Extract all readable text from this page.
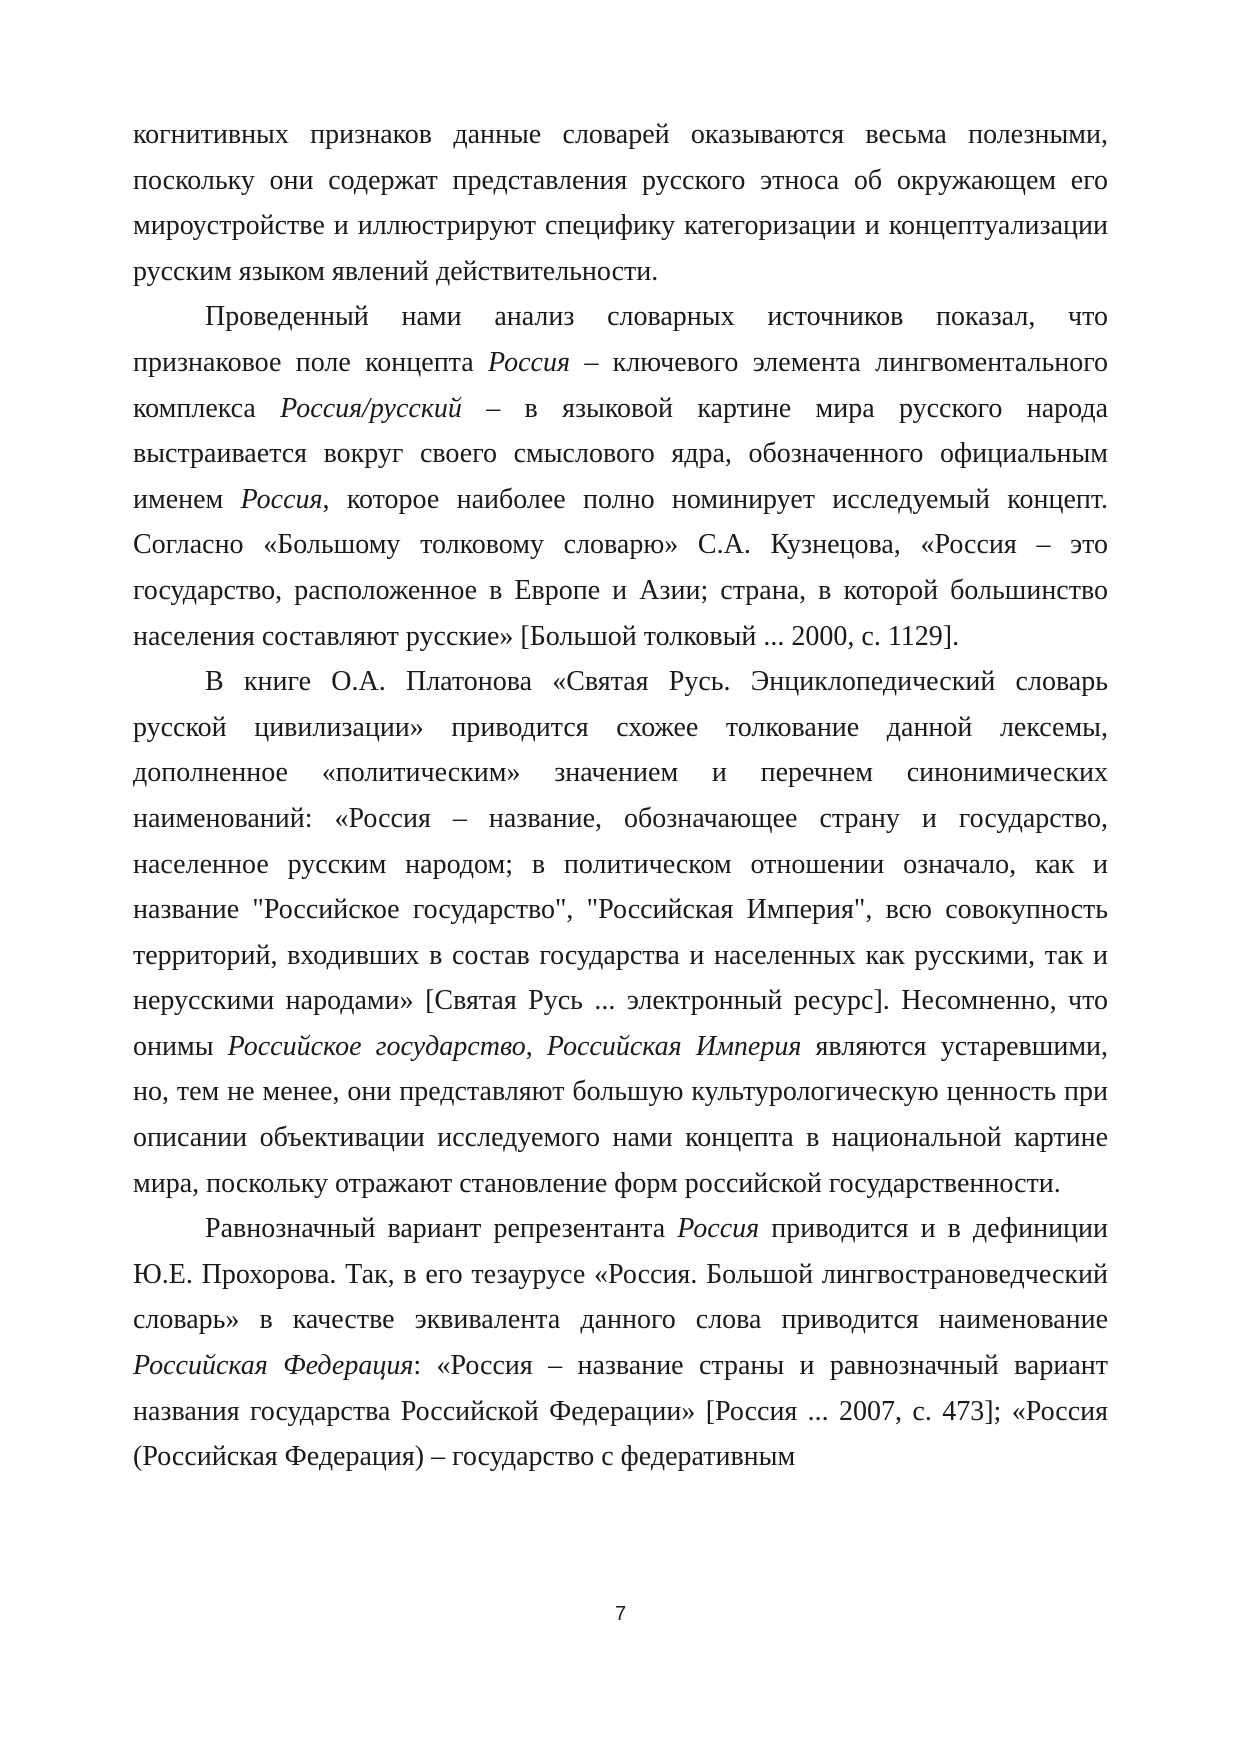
когнитивных признаков данные словарей оказываются весьма полезными, поскольку они содержат представления русского этноса об окружающем его мироустройстве и иллюстрируют специфику категоризации и концептуализации русским языком явлений действительности.

Проведенный нами анализ словарных источников показал, что признаковое поле концепта Россия – ключевого элемента лингвоментального комплекса Россия/русский – в языковой картине мира русского народа выстраивается вокруг своего смыслового ядра, обозначенного официальным именем Россия, которое наиболее полно номинирует исследуемый концепт. Согласно «Большому толковому словарю» С.А. Кузнецова, «Россия – это государство, расположенное в Европе и Азии; страна, в которой большинство населения составляют русские» [Большой толковый ... 2000, с. 1129].

В книге О.А. Платонова «Святая Русь. Энциклопедический словарь русской цивилизации» приводится схожее толкование данной лексемы, дополненное «политическим» значением и перечнем синонимических наименований: «Россия – название, обозначающее страну и государство, населенное русским народом; в политическом отношении означало, как и название "Российское государство", "Российская Империя", всю совокупность территорий, входивших в состав государства и населенных как русскими, так и нерусскими народами» [Святая Русь ... электронный ресурс]. Несомненно, что онимы Российское государство, Российская Империя являются устаревшими, но, тем не менее, они представляют большую культурологическую ценность при описании объективации исследуемого нами концепта в национальной картине мира, поскольку отражают становление форм российской государственности.

Равнозначный вариант репрезентанта Россия приводится и в дефиниции Ю.Е. Прохорова. Так, в его тезаурусе «Россия. Большой лингвострановедческий словарь» в качестве эквивалента данного слова приводится наименование Российская Федерация: «Россия – название страны и равнозначный вариант названия государства Российской Федерации» [Россия ... 2007, с. 473]; «Россия (Российская Федерация) – государство с федеративным

7
